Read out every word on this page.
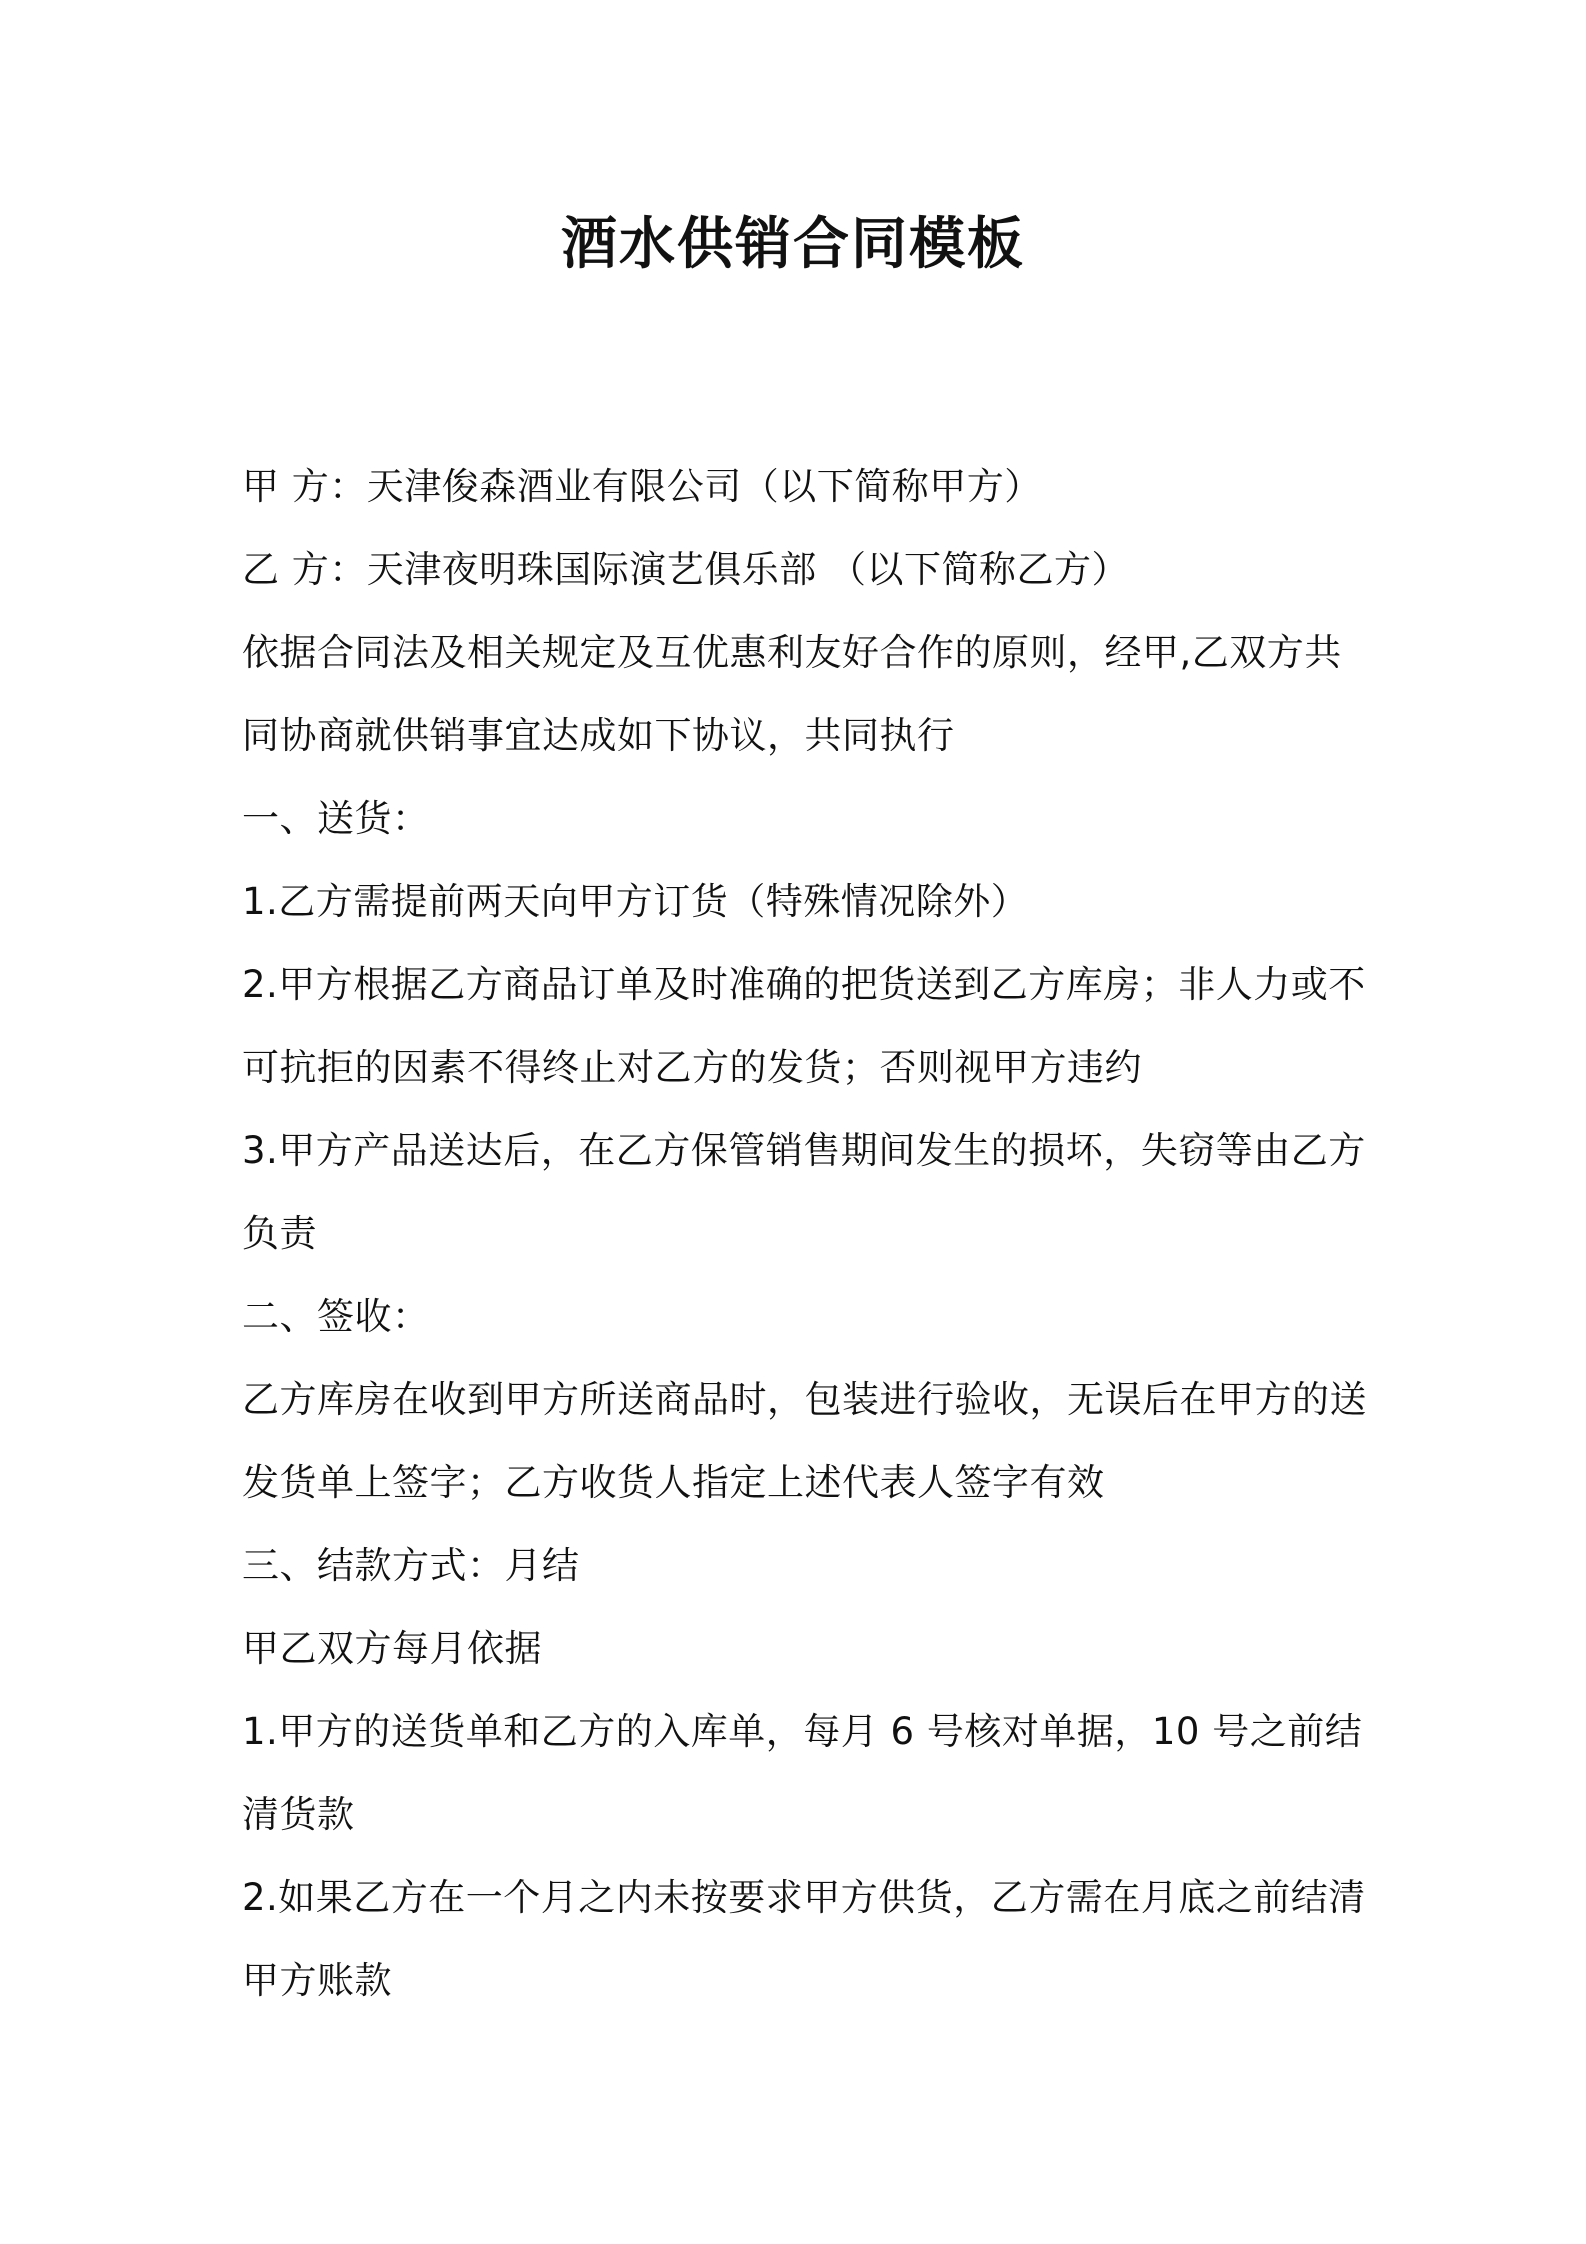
酒水供销合同模板

甲 方：天津俊森酒业有限公司（以下简称甲方）

乙 方：天津夜明珠国际演艺俱乐部 （以下简称乙方）

依据合同法及相关规定及互优惠利友好合作的原则，经甲,乙双方共

同协商就供销事宜达成如下协议，共同执行

一、送货：

1.乙方需提前两天向甲方订货（特殊情况除外）

2.甲方根据乙方商品订单及时准确的把货送到乙方库房；非人力或不

可抗拒的因素不得终止对乙方的发货；否则视甲方违约

3.甲方产品送达后，在乙方保管销售期间发生的损坏，失窃等由乙方

负责

二、签收：

乙方库房在收到甲方所送商品时，包装进行验收，无误后在甲方的送

发货单上签字；乙方收货人指定上述代表人签字有效

三、结款方式：月结

甲乙双方每月依据

1.甲方的送货单和乙方的入库单，每月 6 号核对单据，10 号之前结

清货款

2.如果乙方在一个月之内未按要求甲方供货，乙方需在月底之前结清

甲方账款
